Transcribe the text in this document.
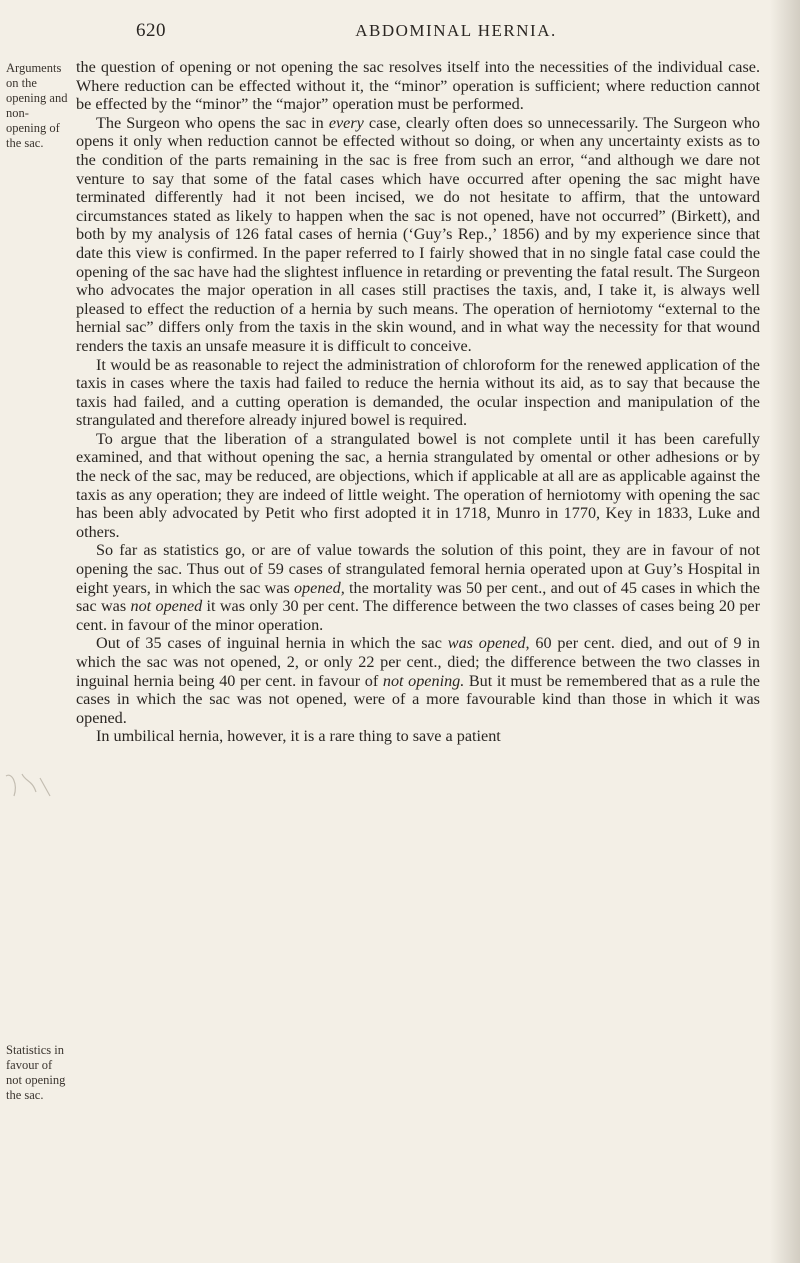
620	ABDOMINAL HERNIA.
Arguments on the opening and non-opening of the sac.
Statistics in favour of not opening the sac.

the question of opening or not opening the sac resolves itself into the necessities of the individual case. Where reduction can be effected without it, the “minor” operation is sufficient; where reduction cannot be effected by the “minor” the “major” operation must be performed.

The Surgeon who opens the sac in every case, clearly often does so unnecessarily. The Surgeon who opens it only when reduction cannot be effected without so doing, or when any uncertainty exists as to the condition of the parts remaining in the sac is free from such an error, “and although we dare not venture to say that some of the fatal cases which have occurred after opening the sac might have terminated differently had it not been incised, we do not hesitate to affirm, that the untoward circumstances stated as likely to happen when the sac is not opened, have not occurred” (Birkett), and both by my analysis of 126 fatal cases of hernia (‘Guy’s Rep.,’ 1856) and by my experience since that date this view is confirmed. In the paper referred to I fairly showed that in no single fatal case could the opening of the sac have had the slightest influence in retarding or preventing the fatal result. The Surgeon who advocates the major operation in all cases still practises the taxis, and, I take it, is always well pleased to effect the reduction of a hernia by such means. The operation of herniotomy “external to the hernial sac” differs only from the taxis in the skin wound, and in what way the necessity for that wound renders the taxis an unsafe measure it is difficult to conceive.

It would be as reasonable to reject the administration of chloroform for the renewed application of the taxis in cases where the taxis had failed to reduce the hernia without its aid, as to say that because the taxis had failed, and a cutting operation is demanded, the ocular inspection and manipulation of the strangulated and therefore already injured bowel is required.

To argue that the liberation of a strangulated bowel is not complete until it has been carefully examined, and that without opening the sac, a hernia strangulated by omental or other adhesions or by the neck of the sac, may be reduced, are objections, which if applicable at all are as applicable against the taxis as any operation; they are indeed of little weight. The operation of herniotomy with opening the sac has been ably advocated by Petit who first adopted it in 1718, Munro in 1770, Key in 1833, Luke and others.

So far as statistics go, or are of value towards the solution of this point, they are in favour of not opening the sac. Thus out of 59 cases of strangulated femoral hernia operated upon at Guy’s Hospital in eight years, in which the sac was opened, the mortality was 50 per cent., and out of 45 cases in which the sac was not opened it was only 30 per cent. The difference between the two classes of cases being 20 per cent. in favour of the minor operation.

Out of 35 cases of inguinal hernia in which the sac was opened, 60 per cent. died, and out of 9 in which the sac was not opened, 2, or only 22 per cent., died; the difference between the two classes in inguinal hernia being 40 per cent. in favour of not opening. But it must be remembered that as a rule the cases in which the sac was not opened, were of a more favourable kind than those in which it was opened.

In umbilical hernia, however, it is a rare thing to save a patient
